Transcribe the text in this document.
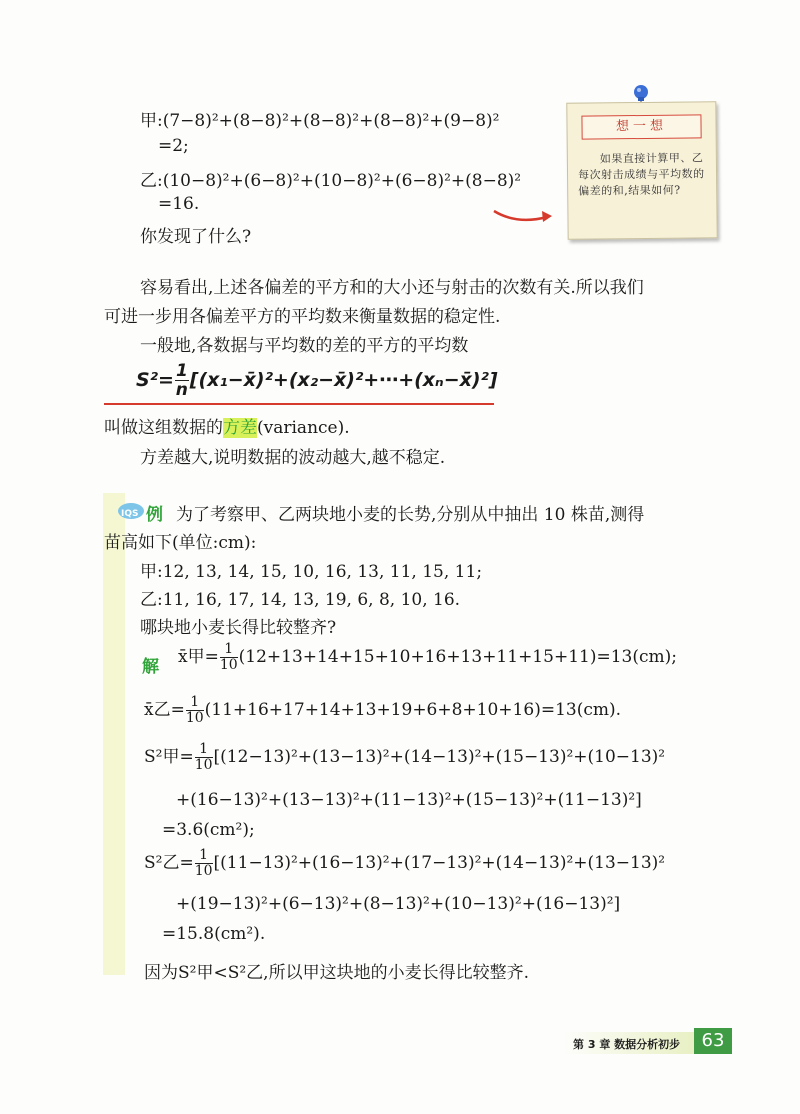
甲:(7−8)²+(8−8)²+(8−8)²+(8−8)²+(9−8)²
=2;
乙:(10−8)²+(6−8)²+(10−8)²+(6−8)²+(8−8)²
=16.
你发现了什么?
想一想
如果直接计算甲、乙每次射击成绩与平均数的偏差的和,结果如何?
容易看出,上述各偏差的平方和的大小还与射击的次数有关.所以我们
可进一步用各偏差平方的平均数来衡量数据的稳定性.
一般地,各数据与平均数的差的平方的平均数
$S^2= \frac{1}{n}$ [(x₁−x̄)²+(x₂−x̄)²+⋯+(xₙ−x̄)²]
叫做这组数据的方差(variance).
方差越大,说明数据的波动越大,越不稳定.
IQS 例 为了考察甲、乙两块地小麦的长势,分别从中抽出 10 株苗,测得
苗高如下(单位:cm):
甲:12, 13, 14, 15, 10, 16, 13, 11, 15, 11;
乙:11, 16, 17, 14, 13, 19, 6, 8, 10, 16.
哪块地小麦长得比较整齐?
解 x̄甲= $\frac{1}{10} (12+13+14+15+10+16+13+11+15+11)=13(cm)$;
x̄乙= $\frac{1}{10} (11+16+17+14+13+19+6+8+10+16)=13(cm)$.
S²甲= $\frac{1}{10} [(12-13)^2+(13-13)^2+(14-13)^2+(15-13)^2+(10-13)^2$
+(16−13)²+(13−13)²+(11−13)²+(15−13)²+(11−13)²]
=3.6(cm²);
S²乙= $\frac{1}{10} [(11-13)^2+(16-13)^2+(17-13)^2+(14-13)^2+(13-13)^2$
+(19−13)²+(6−13)²+(8−13)²+(10−13)²+(16−13)²]
=15.8(cm²).
因为S²甲<S²乙,所以甲这块地的小麦长得比较整齐.
第 3 章 数据分析初步	63
